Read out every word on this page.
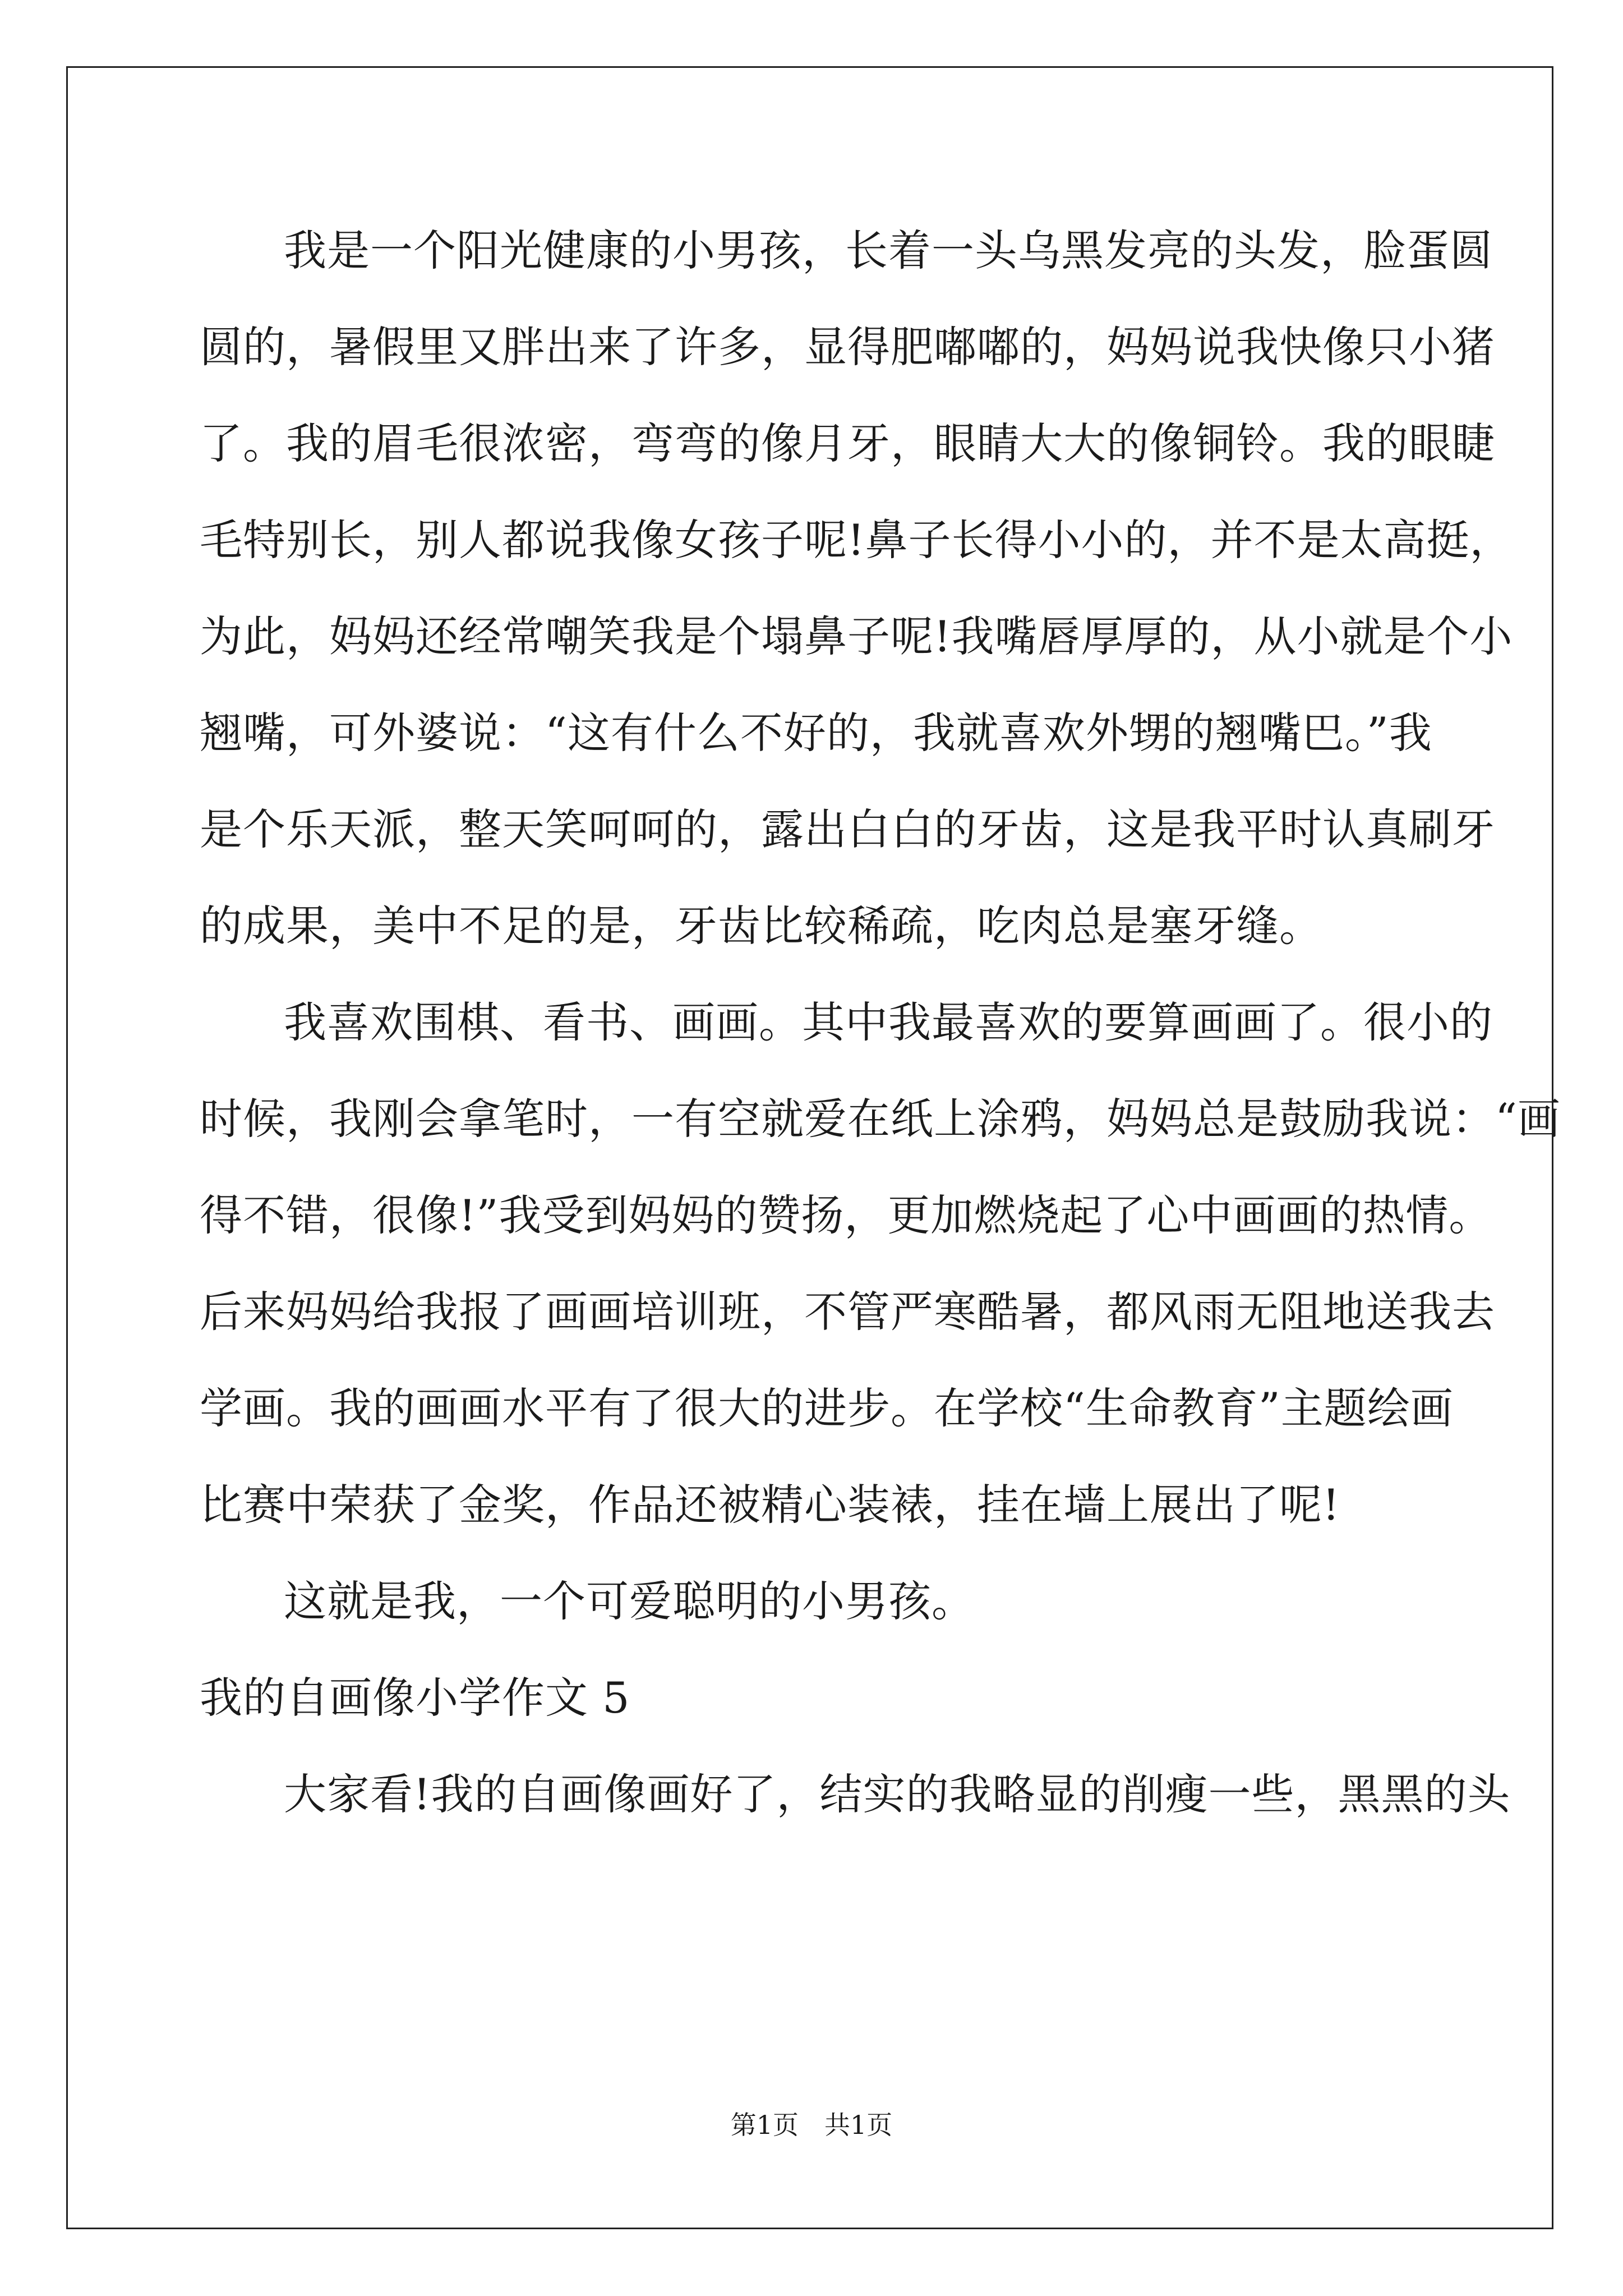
我是一个阳光健康的小男孩，长着一头乌黑发亮的头发，脸蛋圆
圆的，暑假里又胖出来了许多，显得肥嘟嘟的，妈妈说我快像只小猪
了。我的眉毛很浓密，弯弯的像月牙，眼睛大大的像铜铃。我的眼睫
毛特别长，别人都说我像女孩子呢!鼻子长得小小的，并不是太高挺，
为此，妈妈还经常嘲笑我是个塌鼻子呢!我嘴唇厚厚的，从小就是个小
翘嘴，可外婆说：“这有什么不好的，我就喜欢外甥的翘嘴巴。”我
是个乐天派，整天笑呵呵的，露出白白的牙齿，这是我平时认真刷牙
的成果，美中不足的是，牙齿比较稀疏，吃肉总是塞牙缝。
我喜欢围棋、看书、画画。其中我最喜欢的要算画画了。很小的
时候，我刚会拿笔时，一有空就爱在纸上涂鸦，妈妈总是鼓励我说：“画
得不错，很像!”我受到妈妈的赞扬，更加燃烧起了心中画画的热情。
后来妈妈给我报了画画培训班，不管严寒酷暑，都风雨无阻地送我去
学画。我的画画水平有了很大的进步。在学校“生命教育”主题绘画
比赛中荣获了金奖，作品还被精心装裱，挂在墙上展出了呢!
这就是我，一个可爱聪明的小男孩。
我的自画像小学作文 5
大家看!我的自画像画好了，结实的我略显的削瘦一些，黑黑的头
第1页　共1页
